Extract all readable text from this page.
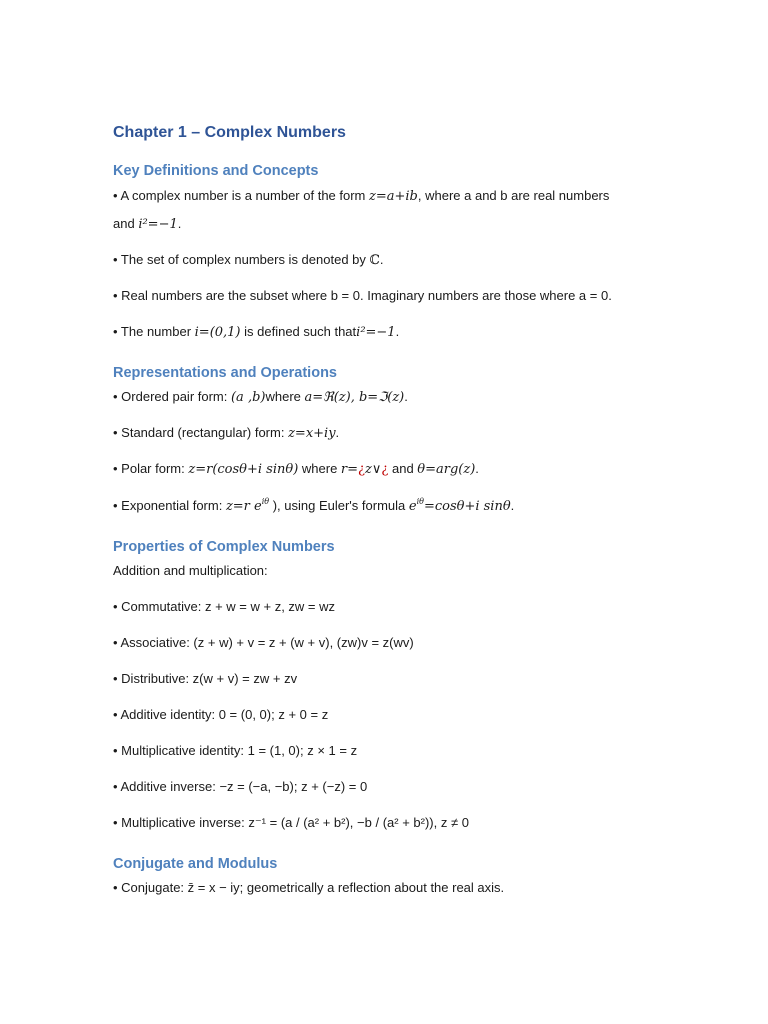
Chapter 1 – Complex Numbers
Key Definitions and Concepts
• A complex number is a number of the form z=a+ib, where a and b are real numbers
and i²=−1.
• The set of complex numbers is denoted by ℂ.
• Real numbers are the subset where b = 0. Imaginary numbers are those where a = 0.
• The number i=(0,1) is defined such thati²=−1.
Representations and Operations
• Ordered pair form: (a ,b)where a=ℜ(z), b=ℑ(z).
• Standard (rectangular) form: z=x+iy.
• Polar form: z=r(cosθ+i sinθ) where r=¿z∨¿ and θ=arg(z).
• Exponential form: z=r $e^{i\theta}$ ), using Euler's formula $e^{i\theta}=\cos\theta+i$ sinθ.
Properties of Complex Numbers
Addition and multiplication:
• Commutative: z + w = w + z, zw = wz
• Associative: (z + w) + v = z + (w + v), (zw)v = z(wv)
• Distributive: z(w + v) = zw + zv
• Additive identity: 0 = (0, 0); z + 0 = z
• Multiplicative identity: 1 = (1, 0); z × 1 = z
• Additive inverse: −z = (−a, −b); z + (−z) = 0
• Multiplicative inverse: z⁻¹ = (a / (a² + b²), −b / (a² + b²)), z ≠ 0
Conjugate and Modulus
• Conjugate: z̄ = x − iy; geometrically a reflection about the real axis.
